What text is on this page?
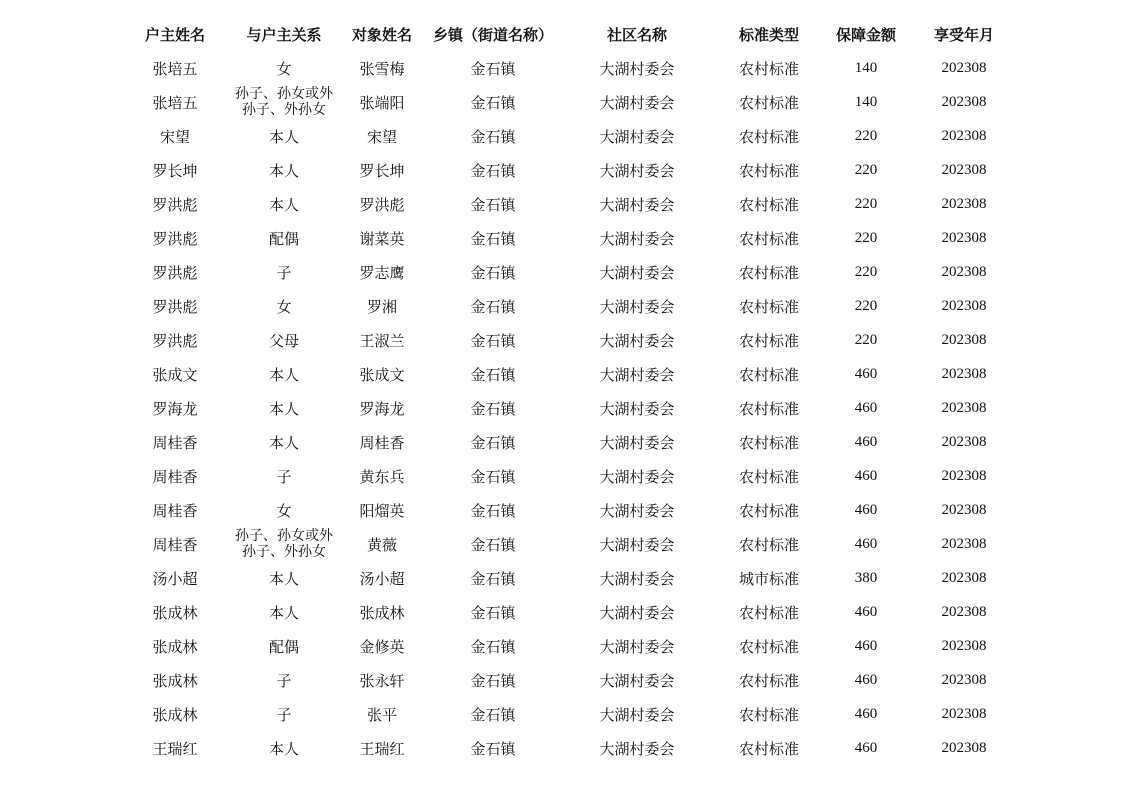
户主姓名	与户主关系	对象姓名	乡镇（街道名称）	社区名称	标准类型	保障金额	享受年月
张培五	女	张雪梅	金石镇	大湖村委会	农村标准	140	202308
张培五	孙子、孙女或外孙子、外孙女	张端阳	金石镇	大湖村委会	农村标准	140	202308
宋望	本人	宋望	金石镇	大湖村委会	农村标准	220	202308
罗长坤	本人	罗长坤	金石镇	大湖村委会	农村标准	220	202308
罗洪彪	本人	罗洪彪	金石镇	大湖村委会	农村标准	220	202308
罗洪彪	配偶	谢菜英	金石镇	大湖村委会	农村标准	220	202308
罗洪彪	子	罗志鹰	金石镇	大湖村委会	农村标准	220	202308
罗洪彪	女	罗湘	金石镇	大湖村委会	农村标准	220	202308
罗洪彪	父母	王淑兰	金石镇	大湖村委会	农村标准	220	202308
张成文	本人	张成文	金石镇	大湖村委会	农村标准	460	202308
罗海龙	本人	罗海龙	金石镇	大湖村委会	农村标准	460	202308
周桂香	本人	周桂香	金石镇	大湖村委会	农村标准	460	202308
周桂香	子	黄东兵	金石镇	大湖村委会	农村标准	460	202308
周桂香	女	阳熘英	金石镇	大湖村委会	农村标准	460	202308
周桂香	孙子、孙女或外孙子、外孙女	黄薇	金石镇	大湖村委会	农村标准	460	202308
汤小超	本人	汤小超	金石镇	大湖村委会	城市标准	380	202308
张成林	本人	张成林	金石镇	大湖村委会	农村标准	460	202308
张成林	配偶	金修英	金石镇	大湖村委会	农村标准	460	202308
张成林	子	张永轩	金石镇	大湖村委会	农村标准	460	202308
张成林	子	张平	金石镇	大湖村委会	农村标准	460	202308
王瑞红	本人	王瑞红	金石镇	大湖村委会	农村标准	460	202308
